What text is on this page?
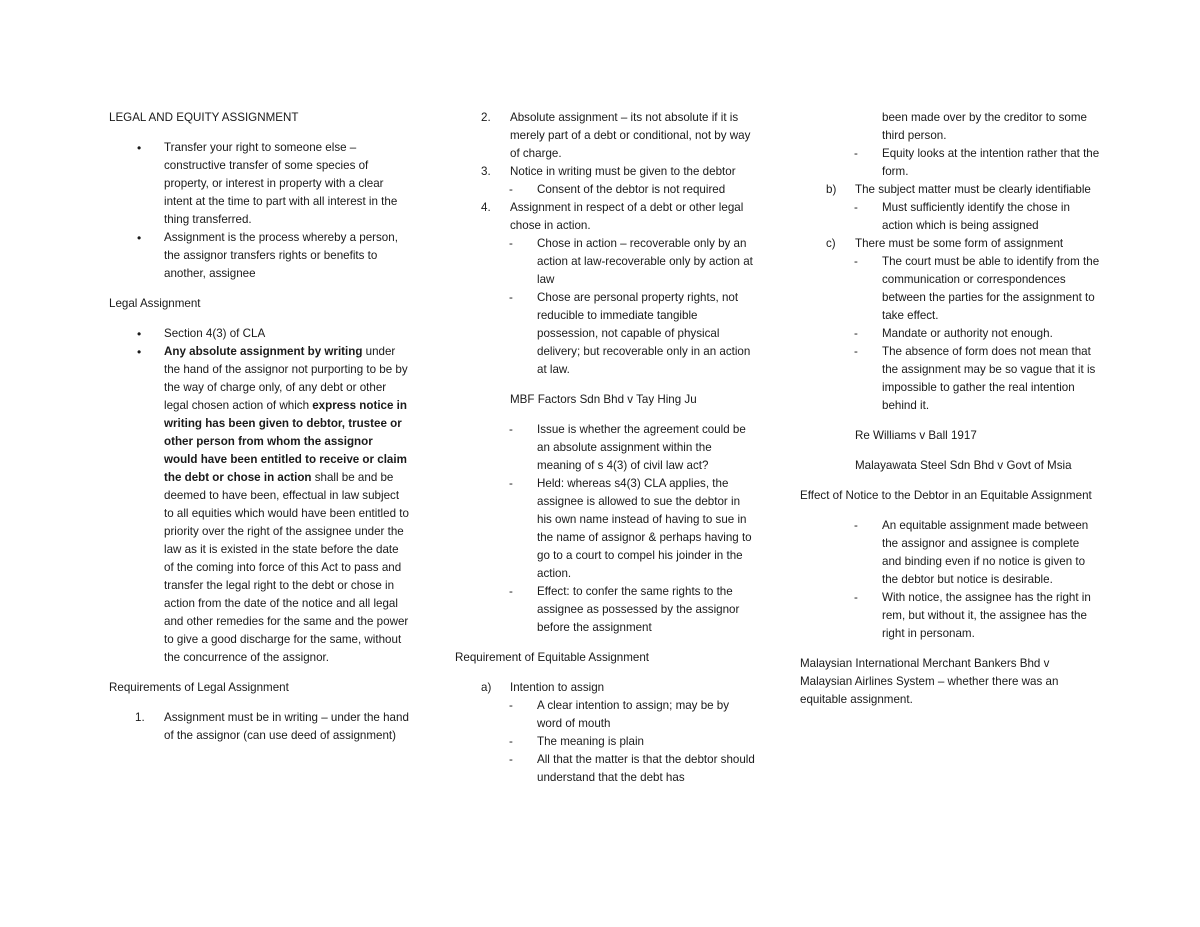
LEGAL AND EQUITY ASSIGNMENT

• Transfer your right to someone else – constructive transfer of some species of property, or interest in property with a clear intent at the time to part with all interest in the thing transferred.

• Assignment is the process whereby a person, the assignor transfers rights or benefits to another, assignee

Legal Assignment

• Section 4(3) of CLA

• Any absolute assignment by writing under the hand of the assignor not purporting to be by the way of charge only, of any debt or other legal chosen action of which express notice in writing has been given to debtor, trustee or other person from whom the assignor would have been entitled to receive or claim the debt or chose in action shall be and be deemed to have been, effectual in law subject to all equities which would have been entitled to priority over the right of the assignee under the law as it is existed in the state before the date of the coming into force of this Act to pass and transfer the legal right to the debt or chose in action from the date of the notice and all legal and other remedies for the same and the power to give a good discharge for the same, without the concurrence of the assignor.

Requirements of Legal Assignment

1. Assignment must be in writing – under the hand of the assignor (can use deed of assignment)

2. Absolute assignment – its not absolute if it is merely part of a debt or conditional, not by way of charge.

3. Notice in writing must be given to the debtor

- Consent of the debtor is not required

4. Assignment in respect of a debt or other legal chose in action.

- Chose in action – recoverable only by an action at law-recoverable only by action at law

- Chose are personal property rights, not reducible to immediate tangible possession, not capable of physical delivery; but recoverable only in an action at law.

MBF Factors Sdn Bhd v Tay Hing Ju

- Issue is whether the agreement could be an absolute assignment within the meaning of s 4(3) of civil law act?

- Held: whereas s4(3) CLA applies, the assignee is allowed to sue the debtor in his own name instead of having to sue in the name of assignor & perhaps having to go to a court to compel his joinder in the action.

- Effect: to confer the same rights to the assignee as possessed by the assignor before the assignment

Requirement of Equitable Assignment

a) Intention to assign

- A clear intention to assign; may be by word of mouth

- The meaning is plain

- All that the matter is that the debtor should understand that the debt has

been made over by the creditor to some third person.

- Equity looks at the intention rather that the form.

b) The subject matter must be clearly identifiable

- Must sufficiently identify the chose in action which is being assigned

c) There must be some form of assignment

- The court must be able to identify from the communication or correspondences between the parties for the assignment to take effect.

- Mandate or authority not enough.

- The absence of form does not mean that the assignment may be so vague that it is impossible to gather the real intention behind it.

Re Williams v Ball 1917

Malayawata Steel Sdn Bhd v Govt of Msia

Effect of Notice to the Debtor in an Equitable Assignment

- An equitable assignment made between the assignor and assignee is complete and binding even if no notice is given to the debtor but notice is desirable.

- With notice, the assignee has the right in rem, but without it, the assignee has the right in personam.

Malaysian International Merchant Bankers Bhd v Malaysian Airlines System – whether there was an equitable assignment.
